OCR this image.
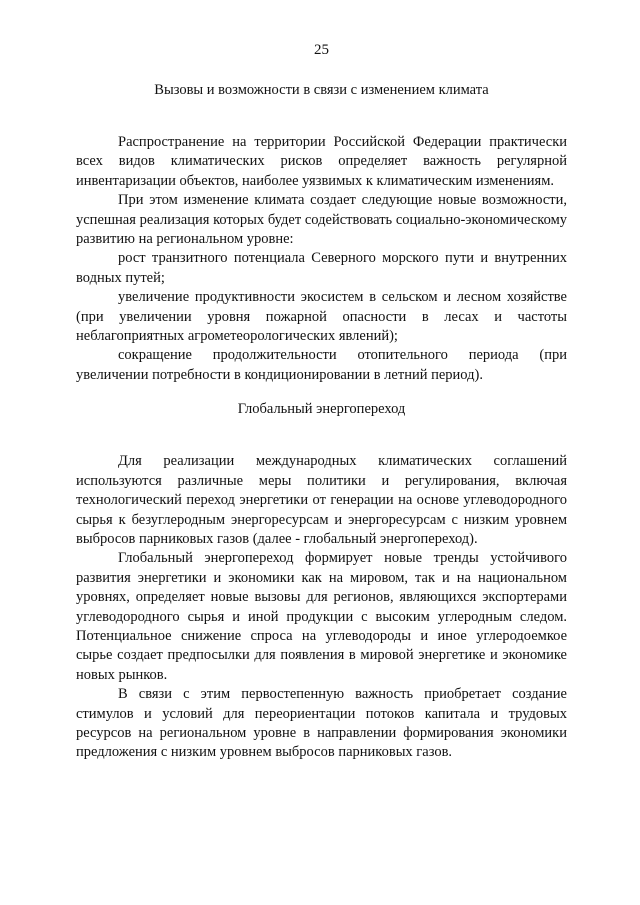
25
Вызовы и возможности в связи с изменением климата

Распространение на территории Российской Федерации практически всех видов климатических рисков определяет важность регулярной инвентаризации объектов, наиболее уязвимых к климатическим изменениям.

При этом изменение климата создает следующие новые возможности, успешная реализация которых будет содействовать социально-экономическому развитию на региональном уровне:

рост транзитного потенциала Северного морского пути и внутренних водных путей;

увеличение продуктивности экосистем в сельском и лесном хозяйстве (при увеличении уровня пожарной опасности в лесах и частоты неблагоприятных агрометеорологических явлений);

сокращение продолжительности отопительного периода (при увеличении потребности в кондиционировании в летний период).

Глобальный энергопереход

Для реализации международных климатических соглашений используются различные меры политики и регулирования, включая технологический переход энергетики от генерации на основе углеводородного сырья к безуглеродным энергоресурсам и энергоресурсам с низким уровнем выбросов парниковых газов (далее - глобальный энергопереход).

Глобальный энергопереход формирует новые тренды устойчивого развития энергетики и экономики как на мировом, так и на национальном уровнях, определяет новые вызовы для регионов, являющихся экспортерами углеводородного сырья и иной продукции с высоким углеродным следом. Потенциальное снижение спроса на углеводороды и иное углеродоемкое сырье создает предпосылки для появления в мировой энергетике и экономике новых рынков.

В связи с этим первостепенную важность приобретает создание стимулов и условий для переориентации потоков капитала и трудовых ресурсов на региональном уровне в направлении формирования экономики предложения с низким уровнем выбросов парниковых газов.
